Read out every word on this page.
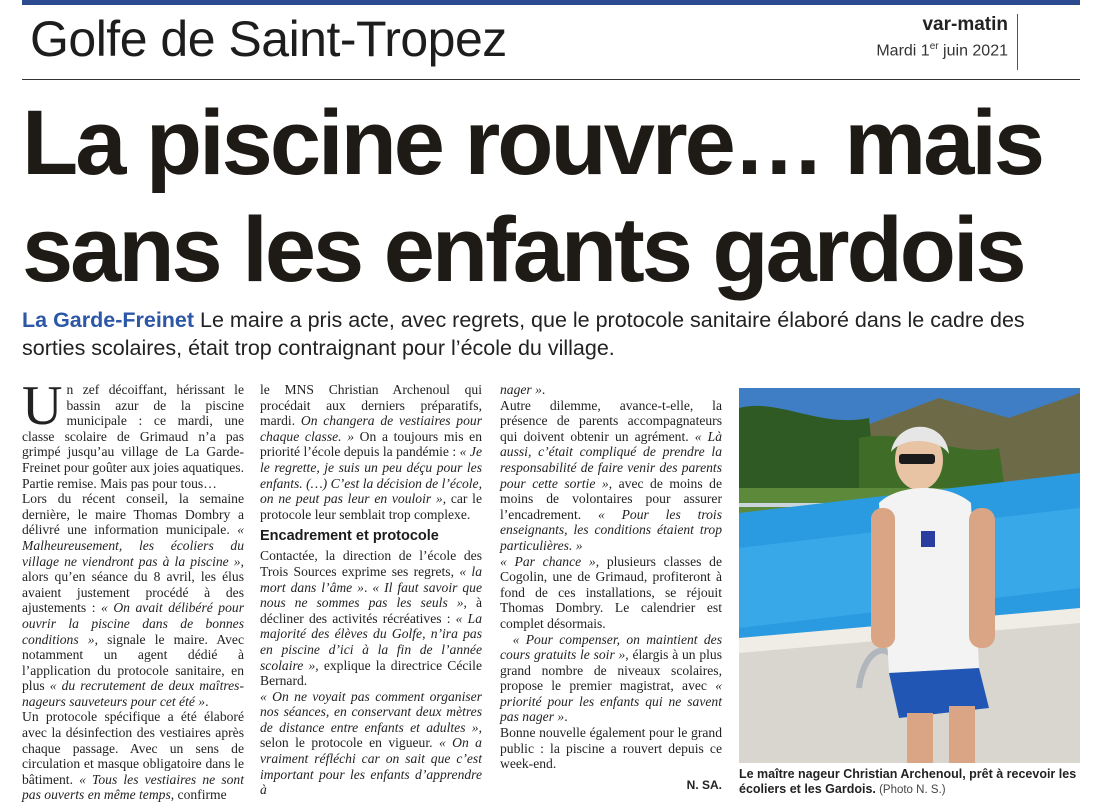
Golfe de Saint-Tropez	var-matin
Mardi 1er juin 2021
La piscine rouvre… mais
sans les enfants gardois
La Garde-Freinet Le maire a pris acte, avec regrets, que le protocole sanitaire élaboré dans le cadre des sorties scolaires, était trop contraignant pour l’école du village.

Un zef décoiffant, hérissant le bassin azur de la piscine municipale : ce mardi, une classe scolaire de Grimaud n’a pas grimpé jusqu’au village de La Garde-Freinet pour goûter aux joies aquatiques. Partie remise. Mais pas pour tous…

Lors du récent conseil, la semaine dernière, le maire Thomas Dombry a délivré une information municipale. « Malheureusement, les écoliers du village ne viendront pas à la piscine », alors qu’en séance du 8 avril, les élus avaient justement procédé à des ajustements : « On avait délibéré pour ouvrir la piscine dans de bonnes conditions », signale le maire. Avec notamment un agent dédié à l’application du protocole sanitaire, en plus « du recrutement de deux maîtres-nageurs sauveteurs pour cet été ».

Un protocole spécifique a été élaboré avec la désinfection des vestiaires après chaque passage. Avec un sens de circulation et masque obligatoire dans le bâtiment. « Tous les vestiaires ne sont pas ouverts en même temps, confirme

le MNS Christian Archenoul qui procédait aux derniers préparatifs, mardi. On changera de vestiaires pour chaque classe. » On a toujours mis en priorité l’école depuis la pandémie : « Je le regrette, je suis un peu déçu pour les enfants. (…) C’est la décision de l’école, on ne peut pas leur en vouloir », car le protocole leur semblait trop complexe.

Encadrement et protocole

Contactée, la direction de l’école des Trois Sources exprime ses regrets, « la mort dans l’âme ». « Il faut savoir que nous ne sommes pas les seuls », à décliner des activités récréatives : « La majorité des élèves du Golfe, n’ira pas en piscine d’ici à la fin de l’année scolaire », explique la directrice Cécile Bernard.

« On ne voyait pas comment organiser nos séances, en conservant deux mètres de distance entre enfants et adultes », selon le protocole en vigueur. « On a vraiment réfléchi car on sait que c’est important pour les enfants d’apprendre à

nager ».

Autre dilemme, avance-t-elle, la présence de parents accompagnateurs qui doivent obtenir un agrément. « Là aussi, c’était compliqué de prendre la responsabilité de faire venir des parents pour cette sortie », avec de moins de moins de volontaires pour assurer l’encadrement. « Pour les trois enseignants, les conditions étaient trop particulières. »

« Par chance », plusieurs classes de Cogolin, une de Grimaud, profiteront à fond de ces installations, se réjouit Thomas Dombry. Le calendrier est complet désormais.

« Pour compenser, on maintient des cours gratuits le soir », élargis à un plus grand nombre de niveaux scolaires, propose le premier magistrat, avec « priorité pour les enfants qui ne savent pas nager ».

Bonne nouvelle également pour le grand public : la piscine a rouvert depuis ce week-end.

N. SA.
Le maître nageur Christian Archenoul, prêt à recevoir les écoliers et les Gardois. (Photo N. S.)
